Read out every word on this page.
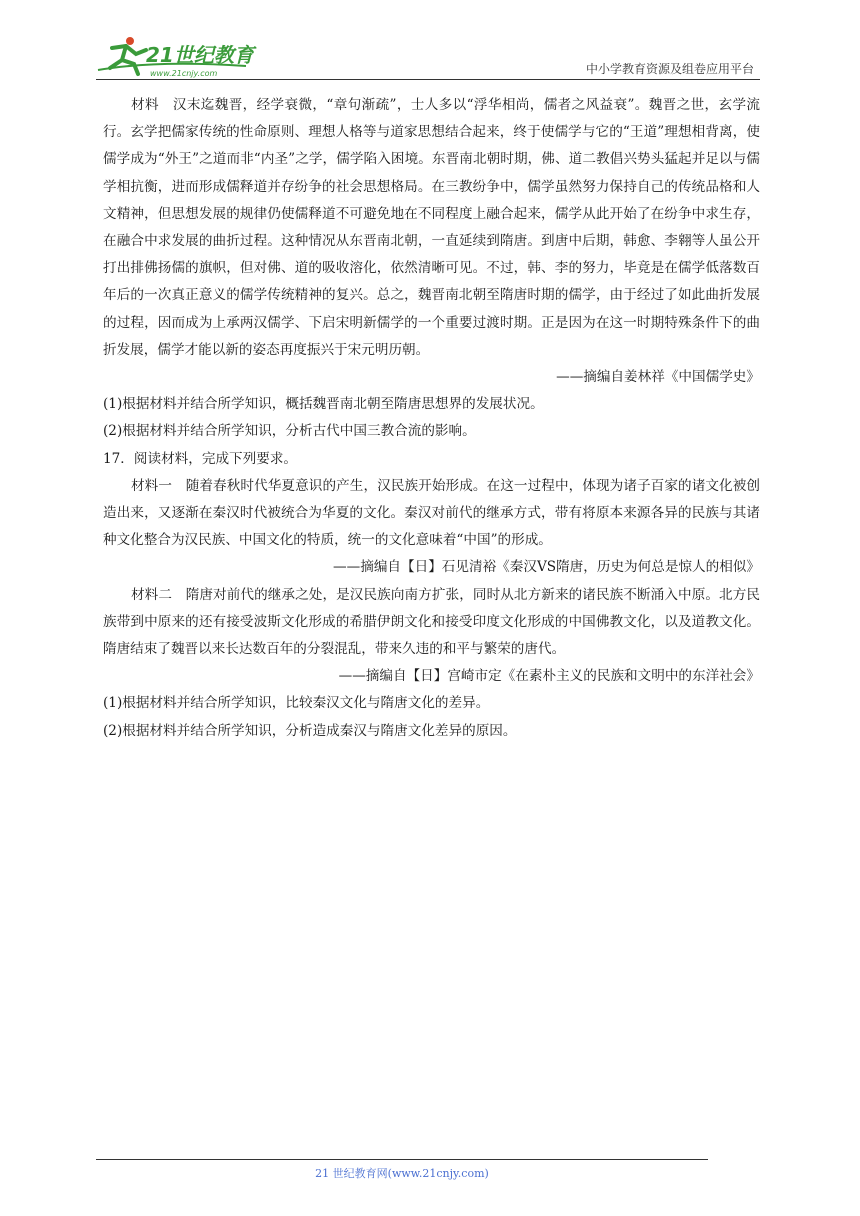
21世纪教育
www.21cnjy.com	中小学教育资源及组卷应用平台

材料　汉末迄魏晋，经学衰微，“章句渐疏”，士人多以“浮华相尚，儒者之风益衰”。魏晋之世，玄学流行。玄学把儒家传统的性命原则、理想人格等与道家思想结合起来，终于使儒学与它的“王道”理想相背离，使儒学成为“外王”之道而非“内圣”之学，儒学陷入困境。东晋南北朝时期，佛、道二教倡兴势头猛起并足以与儒学相抗衡，进而形成儒释道并存纷争的社会思想格局。在三教纷争中，儒学虽然努力保持自己的传统品格和人文精神，但思想发展的规律仍使儒释道不可避免地在不同程度上融合起来，儒学从此开始了在纷争中求生存，在融合中求发展的曲折过程。这种情况从东晋南北朝，一直延续到隋唐。到唐中后期，韩愈、李翱等人虽公开打出排佛扬儒的旗帜，但对佛、道的吸收溶化，依然清晰可见。不过，韩、李的努力，毕竟是在儒学低落数百年后的一次真正意义的儒学传统精神的复兴。总之，魏晋南北朝至隋唐时期的儒学，由于经过了如此曲折发展的过程，因而成为上承两汉儒学、下启宋明新儒学的一个重要过渡时期。正是因为在这一时期特殊条件下的曲折发展，儒学才能以新的姿态再度振兴于宋元明历朝。

——摘编自姜林祥《中国儒学史》

(1)根据材料并结合所学知识，概括魏晋南北朝至隋唐思想界的发展状况。

(2)根据材料并结合所学知识，分析古代中国三教合流的影响。

17．阅读材料，完成下列要求。

材料一　随着春秋时代华夏意识的产生，汉民族开始形成。在这一过程中，体现为诸子百家的诸文化被创造出来，又逐渐在秦汉时代被统合为华夏的文化。秦汉对前代的继承方式，带有将原本来源各异的民族与其诸种文化整合为汉民族、中国文化的特质，统一的文化意味着“中国”的形成。

——摘编自【日】石见清裕《秦汉VS隋唐，历史为何总是惊人的相似》

材料二　隋唐对前代的继承之处，是汉民族向南方扩张，同时从北方新来的诸民族不断涌入中原。北方民族带到中原来的还有接受波斯文化形成的希腊伊朗文化和接受印度文化形成的中国佛教文化，以及道教文化。隋唐结束了魏晋以来长达数百年的分裂混乱，带来久违的和平与繁荣的唐代。

——摘编自【日】宫崎市定《在素朴主义的民族和文明中的东洋社会》

(1)根据材料并结合所学知识，比较秦汉文化与隋唐文化的差异。

(2)根据材料并结合所学知识，分析造成秦汉与隋唐文化差异的原因。

21 世纪教育网(www.21cnjy.com)
